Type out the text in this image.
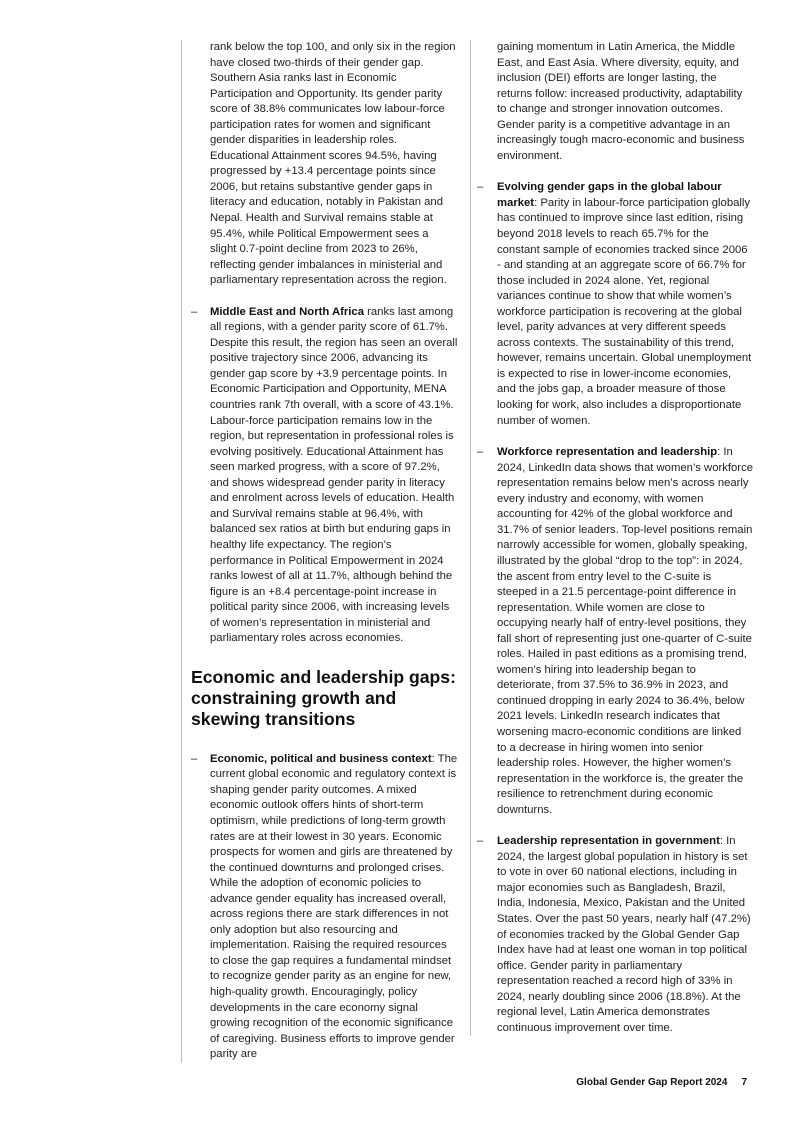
rank below the top 100, and only six in the region have closed two-thirds of their gender gap. Southern Asia ranks last in Economic Participation and Opportunity. Its gender parity score of 38.8% communicates low labour-force participation rates for women and significant gender disparities in leadership roles. Educational Attainment scores 94.5%, having progressed by +13.4 percentage points since 2006, but retains substantive gender gaps in literacy and education, notably in Pakistan and Nepal. Health and Survival remains stable at 95.4%, while Political Empowerment sees a slight 0.7-point decline from 2023 to 26%, reflecting gender imbalances in ministerial and parliamentary representation across the region.

– Middle East and North Africa ranks last among all regions, with a gender parity score of 61.7%. Despite this result, the region has seen an overall positive trajectory since 2006, advancing its gender gap score by +3.9 percentage points. In Economic Participation and Opportunity, MENA countries rank 7th overall, with a score of 43.1%. Labour-force participation remains low in the region, but representation in professional roles is evolving positively. Educational Attainment has seen marked progress, with a score of 97.2%, and shows widespread gender parity in literacy and enrolment across levels of education. Health and Survival remains stable at 96.4%, with balanced sex ratios at birth but enduring gaps in healthy life expectancy. The region’s performance in Political Empowerment in 2024 ranks lowest of all at 11.7%, although behind the figure is an +8.4 percentage-point increase in political parity since 2006, with increasing levels of women’s representation in ministerial and parliamentary roles across economies.

Economic and leadership gaps: constraining growth and skewing transitions

– Economic, political and business context: The current global economic and regulatory context is shaping gender parity outcomes. A mixed economic outlook offers hints of short-term optimism, while predictions of long-term growth rates are at their lowest in 30 years. Economic prospects for women and girls are threatened by the continued downturns and prolonged crises. While the adoption of economic policies to advance gender equality has increased overall, across regions there are stark differences in not only adoption but also resourcing and implementation. Raising the required resources to close the gap requires a fundamental mindset to recognize gender parity as an engine for new, high-quality growth. Encouragingly, policy developments in the care economy signal growing recognition of the economic significance of caregiving. Business efforts to improve gender parity are

gaining momentum in Latin America, the Middle East, and East Asia. Where diversity, equity, and inclusion (DEI) efforts are longer lasting, the returns follow: increased productivity, adaptability to change and stronger innovation outcomes. Gender parity is a competitive advantage in an increasingly tough macro-economic and business environment.

– Evolving gender gaps in the global labour market: Parity in labour-force participation globally has continued to improve since last edition, rising beyond 2018 levels to reach 65.7% for the constant sample of economies tracked since 2006 - and standing at an aggregate score of 66.7% for those included in 2024 alone. Yet, regional variances continue to show that while women’s workforce participation is recovering at the global level, parity advances at very different speeds across contexts. The sustainability of this trend, however, remains uncertain. Global unemployment is expected to rise in lower-income economies, and the jobs gap, a broader measure of those looking for work, also includes a disproportionate number of women.

– Workforce representation and leadership: In 2024, LinkedIn data shows that women’s workforce representation remains below men’s across nearly every industry and economy, with women accounting for 42% of the global workforce and 31.7% of senior leaders. Top-level positions remain narrowly accessible for women, globally speaking, illustrated by the global “drop to the top”: in 2024, the ascent from entry level to the C-suite is steeped in a 21.5 percentage-point difference in representation. While women are close to occupying nearly half of entry-level positions, they fall short of representing just one-quarter of C-suite roles. Hailed in past editions as a promising trend, women’s hiring into leadership began to deteriorate, from 37.5% to 36.9% in 2023, and continued dropping in early 2024 to 36.4%, below 2021 levels. LinkedIn research indicates that worsening macro-economic conditions are linked to a decrease in hiring women into senior leadership roles. However, the higher women’s representation in the workforce is, the greater the resilience to retrenchment during economic downturns.

– Leadership representation in government: In 2024, the largest global population in history is set to vote in over 60 national elections, including in major economies such as Bangladesh, Brazil, India, Indonesia, Mexico, Pakistan and the United States. Over the past 50 years, nearly half (47.2%) of economies tracked by the Global Gender Gap Index have had at least one woman in top political office. Gender parity in parliamentary representation reached a record high of 33% in 2024, nearly doubling since 2006 (18.8%). At the regional level, Latin America demonstrates continuous improvement over time.

Global Gender Gap Report 2024 7
